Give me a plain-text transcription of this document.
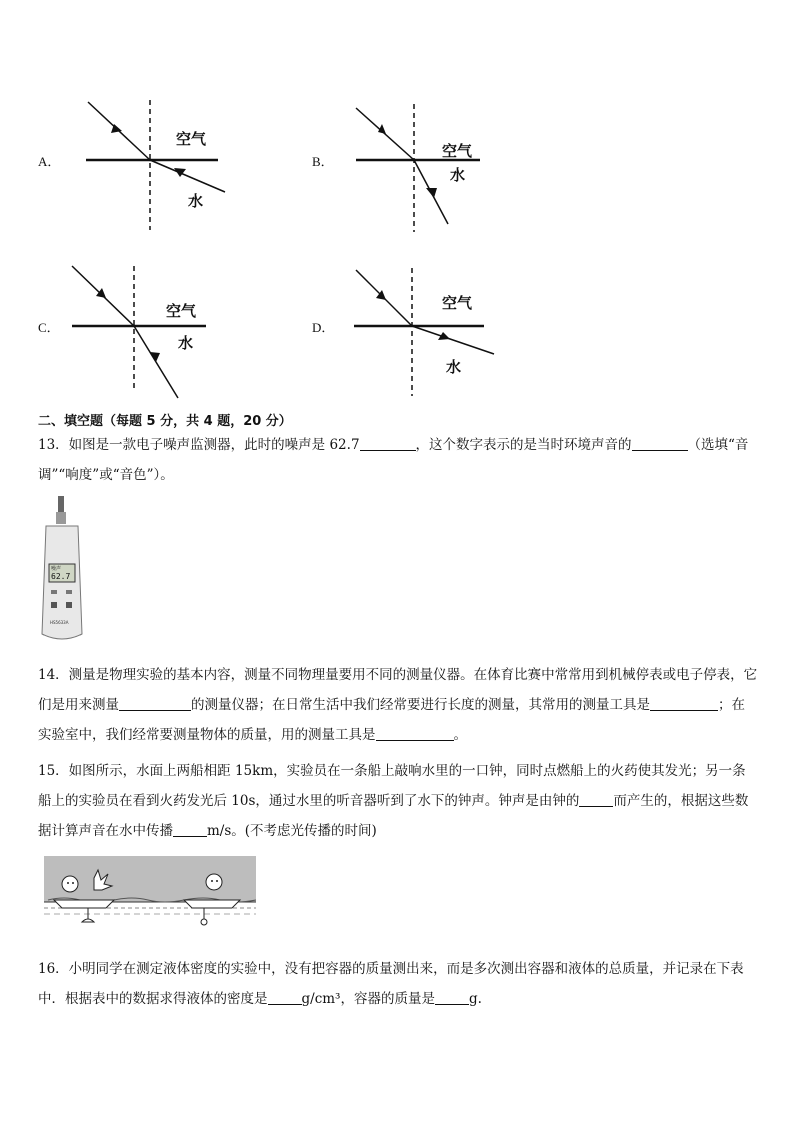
A．	B．
C．	D．
空气
水
空气
水
空气
水
空气
水
二、填空题（每题 5 分，共 4 题，20 分）
13．如图是一款电子噪声监测器，此时的噪声是 62.7	，这个数字表示的是当时环境声音的	（选填“音调”“响度”或“音色”）。
噪声
62.7
HS5633A
14．测量是物理实验的基本内容，测量不同物理量要用不同的测量仪器。在体育比赛中常常用到机械停表或电子停表，它们是用来测量	的测量仪器；在日常生活中我们经常要进行长度的测量，其常用的测量工具是	；在实验室中，我们经常要测量物体的质量，用的测量工具是	。
15．如图所示，水面上两船相距 15km，实验员在一条船上敲响水里的一口钟，同时点燃船上的火药使其发光；另一条船上的实验员在看到火药发光后 10s，通过水里的听音器听到了水下的钟声。钟声是由钟的	而产生的，根据这些数据计算声音在水中传播	m/s。(不考虑光传播的时间)
16．小明同学在测定液体密度的实验中，没有把容器的质量测出来，而是多次测出容器和液体的总质量，并记录在下表中．根据表中的数据求得液体的密度是	g/cm³，容器的质量是	g.
